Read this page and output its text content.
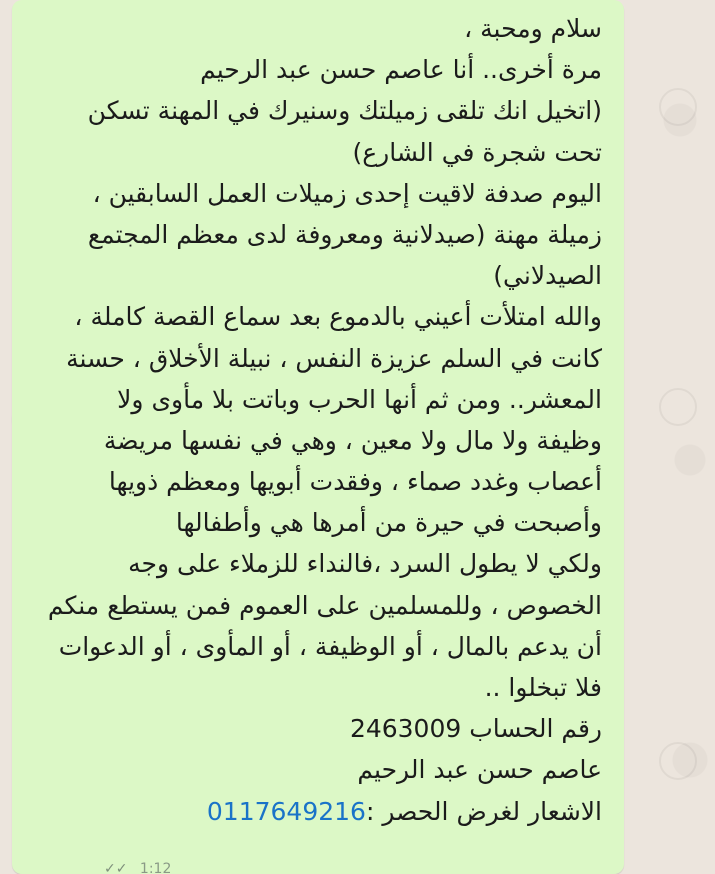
سلام ومحبة ،
مرة أخرى.. أنا عاصم حسن عبد الرحيم
(اتخيل انك تلقى زميلتك وسنيرك في المهنة تسكن
تحت شجرة في الشارع)
اليوم صدفة لاقيت إحدى زميلات العمل السابقين ،
زميلة مهنة (صيدلانية ومعروفة لدى معظم المجتمع
الصيدلاني)
والله امتلأت أعيني بالدموع بعد سماع القصة كاملة ،
كانت في السلم عزيزة النفس ، نبيلة الأخلاق ، حسنة
المعشر.. ومن ثم أنها الحرب وباتت بلا مأوى ولا
وظيفة ولا مال ولا معين ، وهي في نفسها مريضة
أعصاب وغدد صماء ، وفقدت أبويها ومعظم ذويها
وأصبحت في حيرة من أمرها هي وأطفالها
ولكي لا يطول السرد ،فالنداء للزملاء على وجه
الخصوص ، وللمسلمين على العموم فمن يستطع منكم
أن يدعم بالمال ، أو الوظيفة ، أو المأوى ، أو الدعوات
فلا تبخلوا ..
رقم الحساب 2463009
عاصم حسن عبد الرحيم
الاشعار لغرض الحصر :0117649216
✓✓ 1:12
